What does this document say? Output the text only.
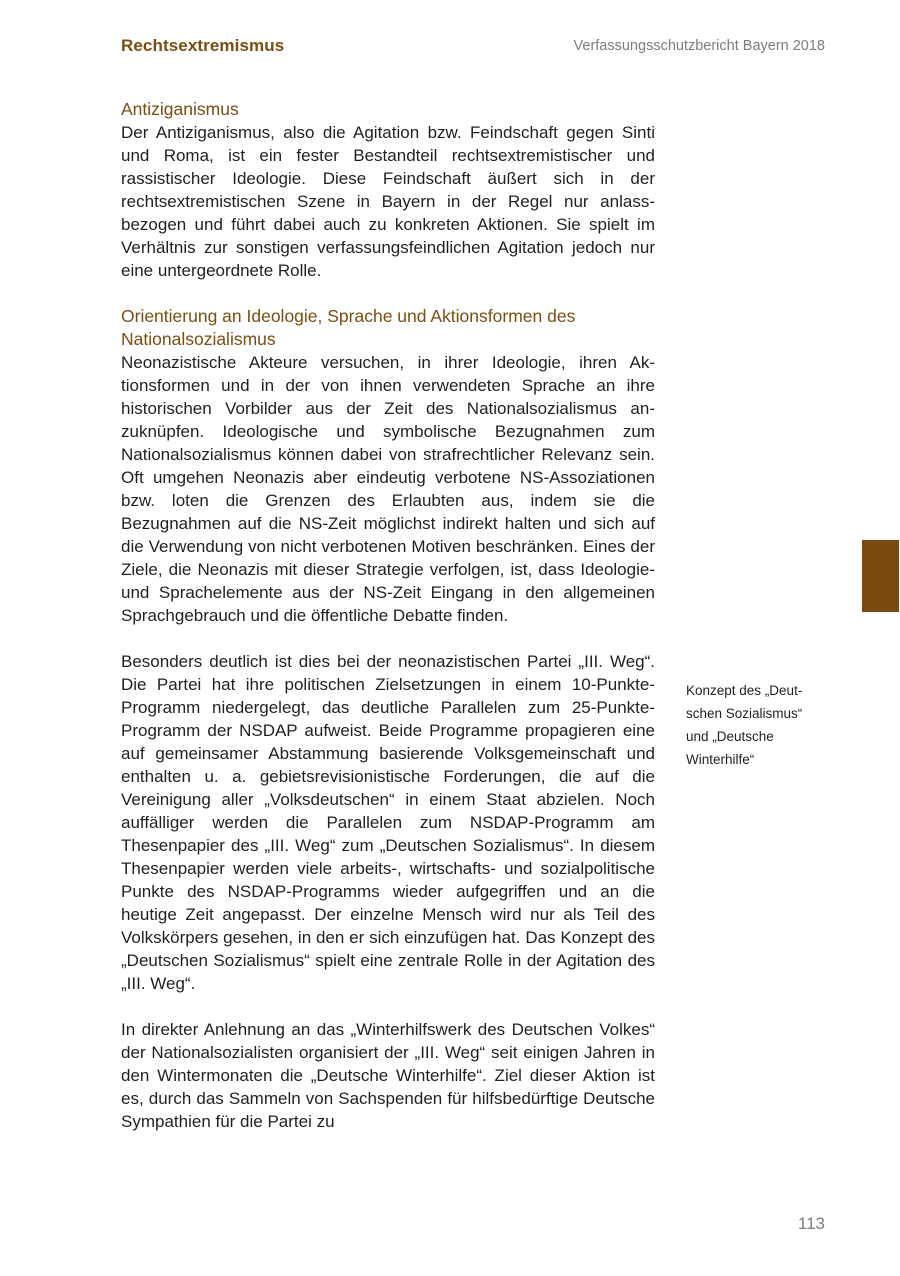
Rechtsextremismus	Verfassungsschutzbericht Bayern 2018
Antiziganismus

Der Antiziganismus, also die Agitation bzw. Feindschaft gegen Sinti und Roma, ist ein fester Bestandteil rechtsextremistischer und rassistischer Ideologie. Diese Feindschaft äußert sich in der rechtsextremistischen Szene in Bayern in der Regel nur anlassbezogen und führt dabei auch zu konkreten Aktionen. Sie spielt im Verhältnis zur sonstigen verfassungsfeindlichen Agitation jedoch nur eine untergeordnete Rolle.

Orientierung an Ideologie, Sprache und Aktionsformen des Nationalsozialismus

Neonazistische Akteure versuchen, in ihrer Ideologie, ihren Aktionsformen und in der von ihnen verwendeten Sprache an ihre historischen Vorbilder aus der Zeit des Nationalsozialismus anzuknüpfen. Ideologische und symbolische Bezugnahmen zum Nationalsozialismus können dabei von strafrechtlicher Relevanz sein. Oft umgehen Neonazis aber eindeutig verbotene NS-Assoziationen bzw. loten die Grenzen des Erlaubten aus, indem sie die Bezugnahmen auf die NS-Zeit möglichst indirekt halten und sich auf die Verwendung von nicht verbotenen Motiven beschränken. Eines der Ziele, die Neonazis mit dieser Strategie verfolgen, ist, dass Ideologie- und Sprachelemente aus der NS-Zeit Eingang in den allgemeinen Sprachgebrauch und die öffentliche Debatte finden.

Besonders deutlich ist dies bei der neonazistischen Partei „III. Weg“. Die Partei hat ihre politischen Zielsetzungen in einem 10-Punkte-Programm niedergelegt, das deutliche Parallelen zum 25-Punkte-Programm der NSDAP aufweist. Beide Programme propagieren eine auf gemeinsamer Abstammung basierende Volksgemeinschaft und enthalten u. a. gebietsrevisionistische Forderungen, die auf die Vereinigung aller „Volksdeutschen“ in einem Staat abzielen. Noch auffälliger werden die Parallelen zum NSDAP-Programm am Thesenpapier des „III. Weg“ zum „Deutschen Sozialismus“. In diesem Thesenpapier werden viele arbeits-, wirtschafts- und sozialpolitische Punkte des NSDAP-Programms wieder aufgegriffen und an die heutige Zeit angepasst. Der einzelne Mensch wird nur als Teil des Volkskörpers gesehen, in den er sich einzufügen hat. Das Konzept des „Deutschen Sozialismus“ spielt eine zentrale Rolle in der Agitation des „III. Weg“.

In direkter Anlehnung an das „Winterhilfswerk des Deutschen Volkes“ der Nationalsozialisten organisiert der „III. Weg“ seit einigen Jahren in den Wintermonaten die „Deutsche Winterhilfe“. Ziel dieser Aktion ist es, durch das Sammeln von Sachspenden für hilfsbedürftige Deutsche Sympathien für die Partei zu

Konzept des „Deutschen Sozialismus“ und „Deutsche Winterhilfe“
113
